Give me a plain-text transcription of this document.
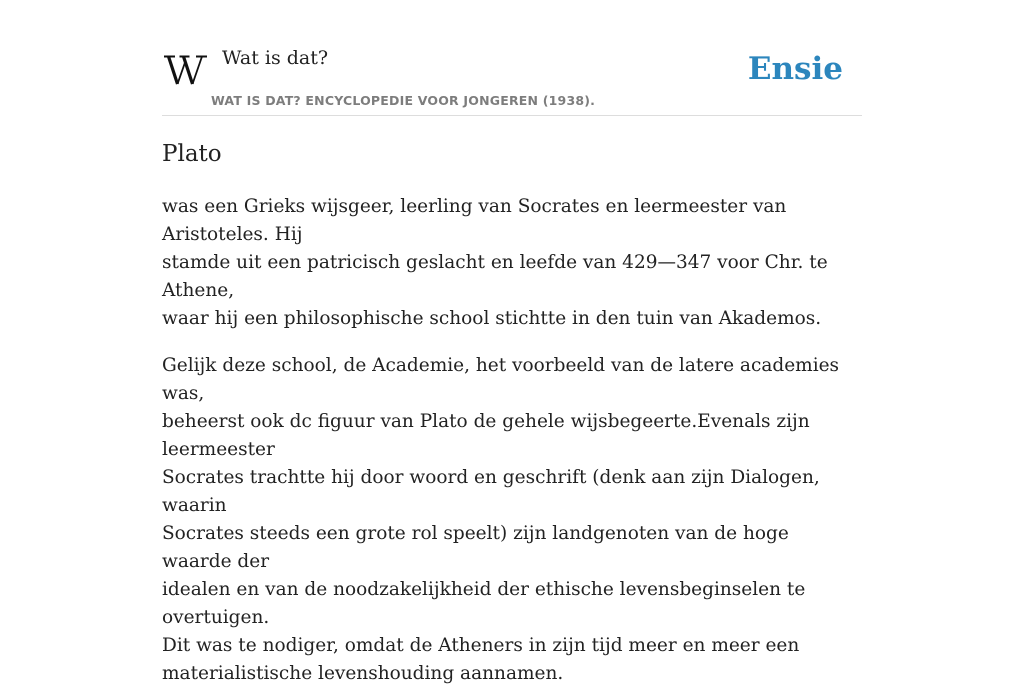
Wat is dat?
WAT IS DAT? ENCYCLOPEDIE VOOR JONGEREN (1938).
Ensie
Plato

was een Grieks wijsgeer, leerling van Socrates en leermeester van Aristoteles. Hij
stamde uit een patricisch geslacht en leefde van 429—347 voor Chr. te Athene,
waar hij een philosophische school stichtte in den tuin van Akademos.

Gelijk deze school, de Academie, het voorbeeld van de latere academies was,
beheerst ook dc figuur van Plato de gehele wijsbegeerte.Evenals zijn leermeester
Socrates trachtte hij door woord en geschrift (denk aan zijn Dialogen, waarin
Socrates steeds een grote rol speelt) zijn landgenoten van de hoge waarde der
idealen en van de noodzakelijkheid der ethische levensbeginselen te overtuigen.
Dit was te nodiger, omdat de Atheners in zijn tijd meer en meer een
materialistische levenshouding aannamen.
